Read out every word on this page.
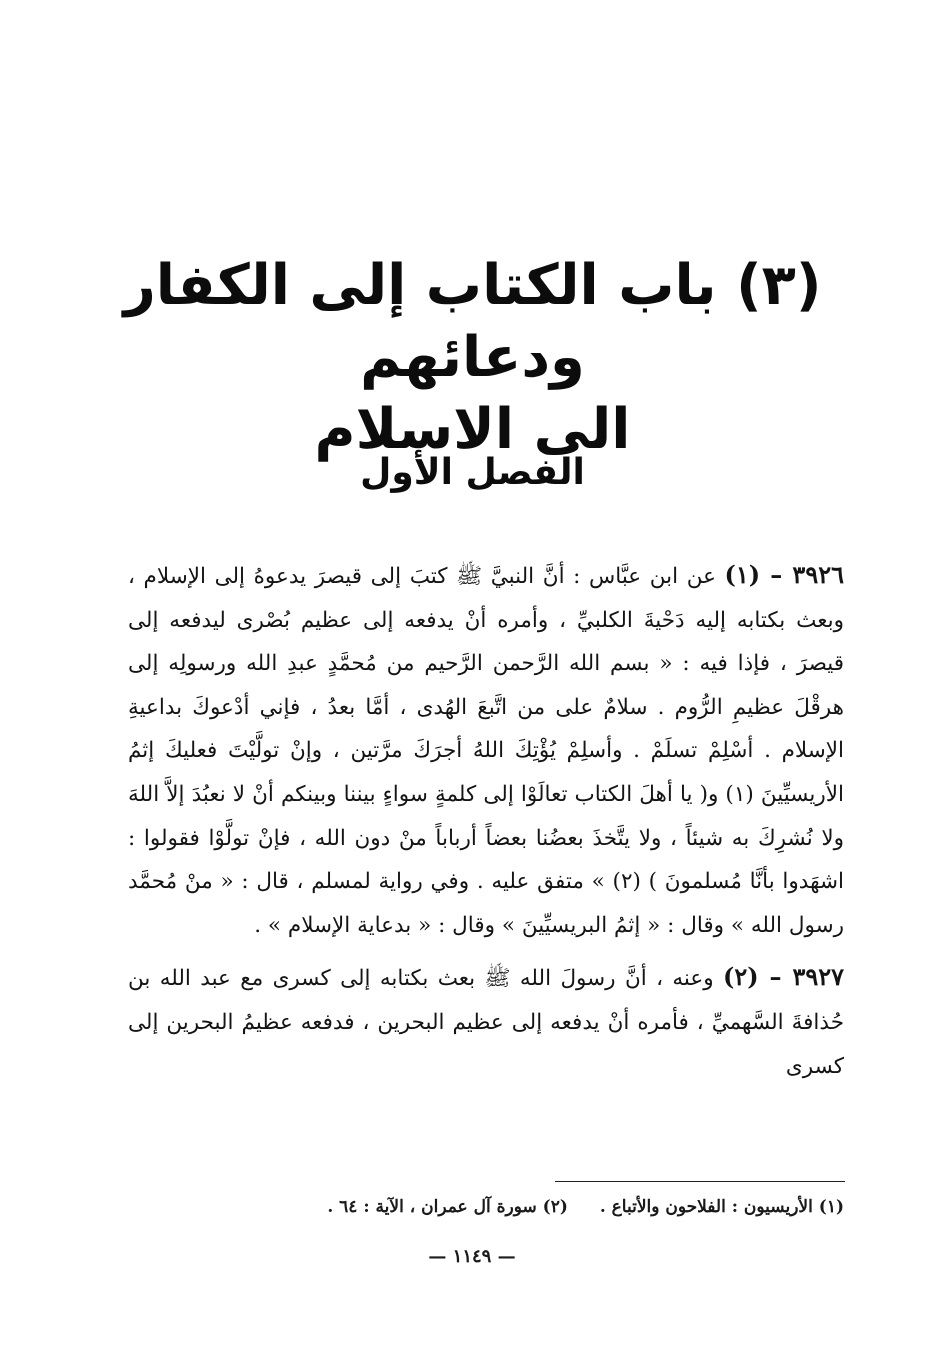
(٣) باب الكتاب إلى الكفار ودعائهم
الى الاسلام
الفصل الأول

٣٩٢٦ – (١) عن ابن عبَّاس : أنَّ النبيَّ ﷺ كتبَ إلى قيصرَ يدعوهُ إلى الإسلام ، وبعث بكتابه إليه دَحْيةَ الكلبيِّ ، وأمره أنْ يدفعه إلى عظيم بُصْرى ليدفعه إلى قيصرَ ، فإذا فيه : « بسم الله الرَّحمن الرَّحيم من مُحمَّدٍ عبدِ الله ورسولِه إلى هرقْلَ عظيمِ الرُّوم . سلامٌ على من اتَّبعَ الهُدى ، أمَّا بعدُ ، فإني أدْعوكَ بداعيةِ الإسلام . أسْلِمْ تسلَمْ . وأسلِمْ يُؤْتِكَ اللهُ أجرَكَ مرَّتين ، وإنْ تولَّيْتَ فعليكَ إثمُ الأريسيِّينَ (١) و( يا أهلَ الكتاب تعالَوْا إلى كلمةٍ سواءٍ بيننا وبينكم أنْ لا نعبُدَ إلاَّ اللهَ ولا نُشرِكَ به شيئاً ، ولا يتَّخذَ بعضُنا بعضاً أرباباً منْ دون الله ، فإنْ تولَّوْا فقولوا : اشهَدوا بأنَّا مُسلمونَ ) (٢) » متفق عليه . وفي رواية لمسلم ، قال : « منْ مُحمَّد رسول الله » وقال : « إثمُ البريسيِّينَ » وقال : « بدعاية الإسلام » .

٣٩٢٧ – (٢) وعنه ، أنَّ رسولَ الله ﷺ بعث بكتابه إلى كسرى مع عبد الله بن حُذافةَ السَّهميِّ ، فأمره أنْ يدفعه إلى عظيم البحرين ، فدفعه عظيمُ البحرين إلى كسرى

(١) الأريسيون : الفلاحون والأتباع . (٢) سورة آل عمران ، الآية : ٦٤ .
— ١١٤٩ —
